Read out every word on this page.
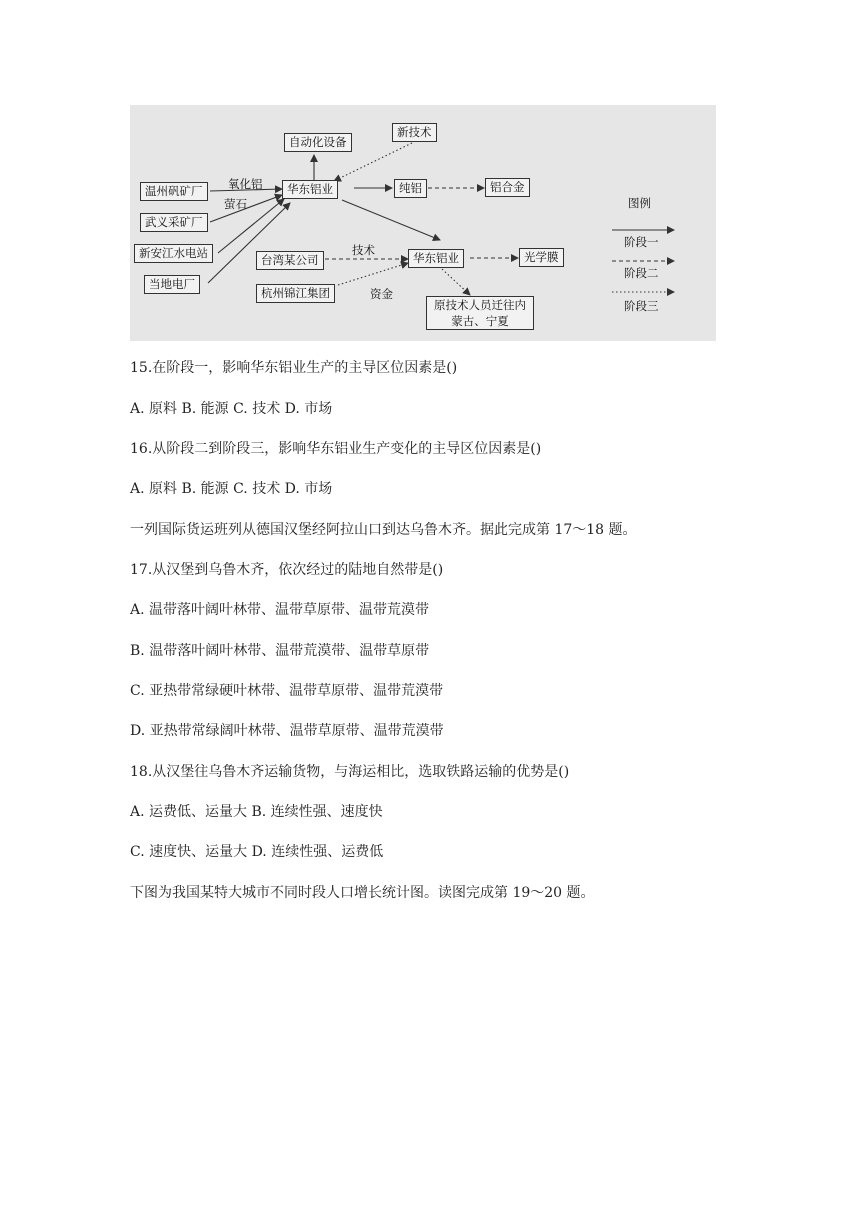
温州矾矿厂
武义采矿厂
新安江水电站
当地电厂
自动化设备
新技术
华东铝业	纯铝	铝合金
台湾某公司
杭州锦江集团
华东铝业	光学膜
原技术人员迁往内蒙古、宁夏
氧化铝
萤石
技术
资金
图例
阶段一
阶段二
阶段三
15.在阶段一，影响华东铝业生产的主导区位因素是()
A. 原料 B. 能源 C. 技术 D. 市场
16.从阶段二到阶段三，影响华东铝业生产变化的主导区位因素是()
A. 原料 B. 能源 C. 技术 D. 市场
一列国际货运班列从德国汉堡经阿拉山口到达乌鲁木齐。据此完成第 17～18 题。
17.从汉堡到乌鲁木齐，依次经过的陆地自然带是()
A. 温带落叶阔叶林带、温带草原带、温带荒漠带
B. 温带落叶阔叶林带、温带荒漠带、温带草原带
C. 亚热带常绿硬叶林带、温带草原带、温带荒漠带
D. 亚热带常绿阔叶林带、温带草原带、温带荒漠带
18.从汉堡往乌鲁木齐运输货物，与海运相比，选取铁路运输的优势是()
A. 运费低、运量大 B. 连续性强、速度快
C. 速度快、运量大 D. 连续性强、运费低
下图为我国某特大城市不同时段人口增长统计图。读图完成第 19～20 题。
